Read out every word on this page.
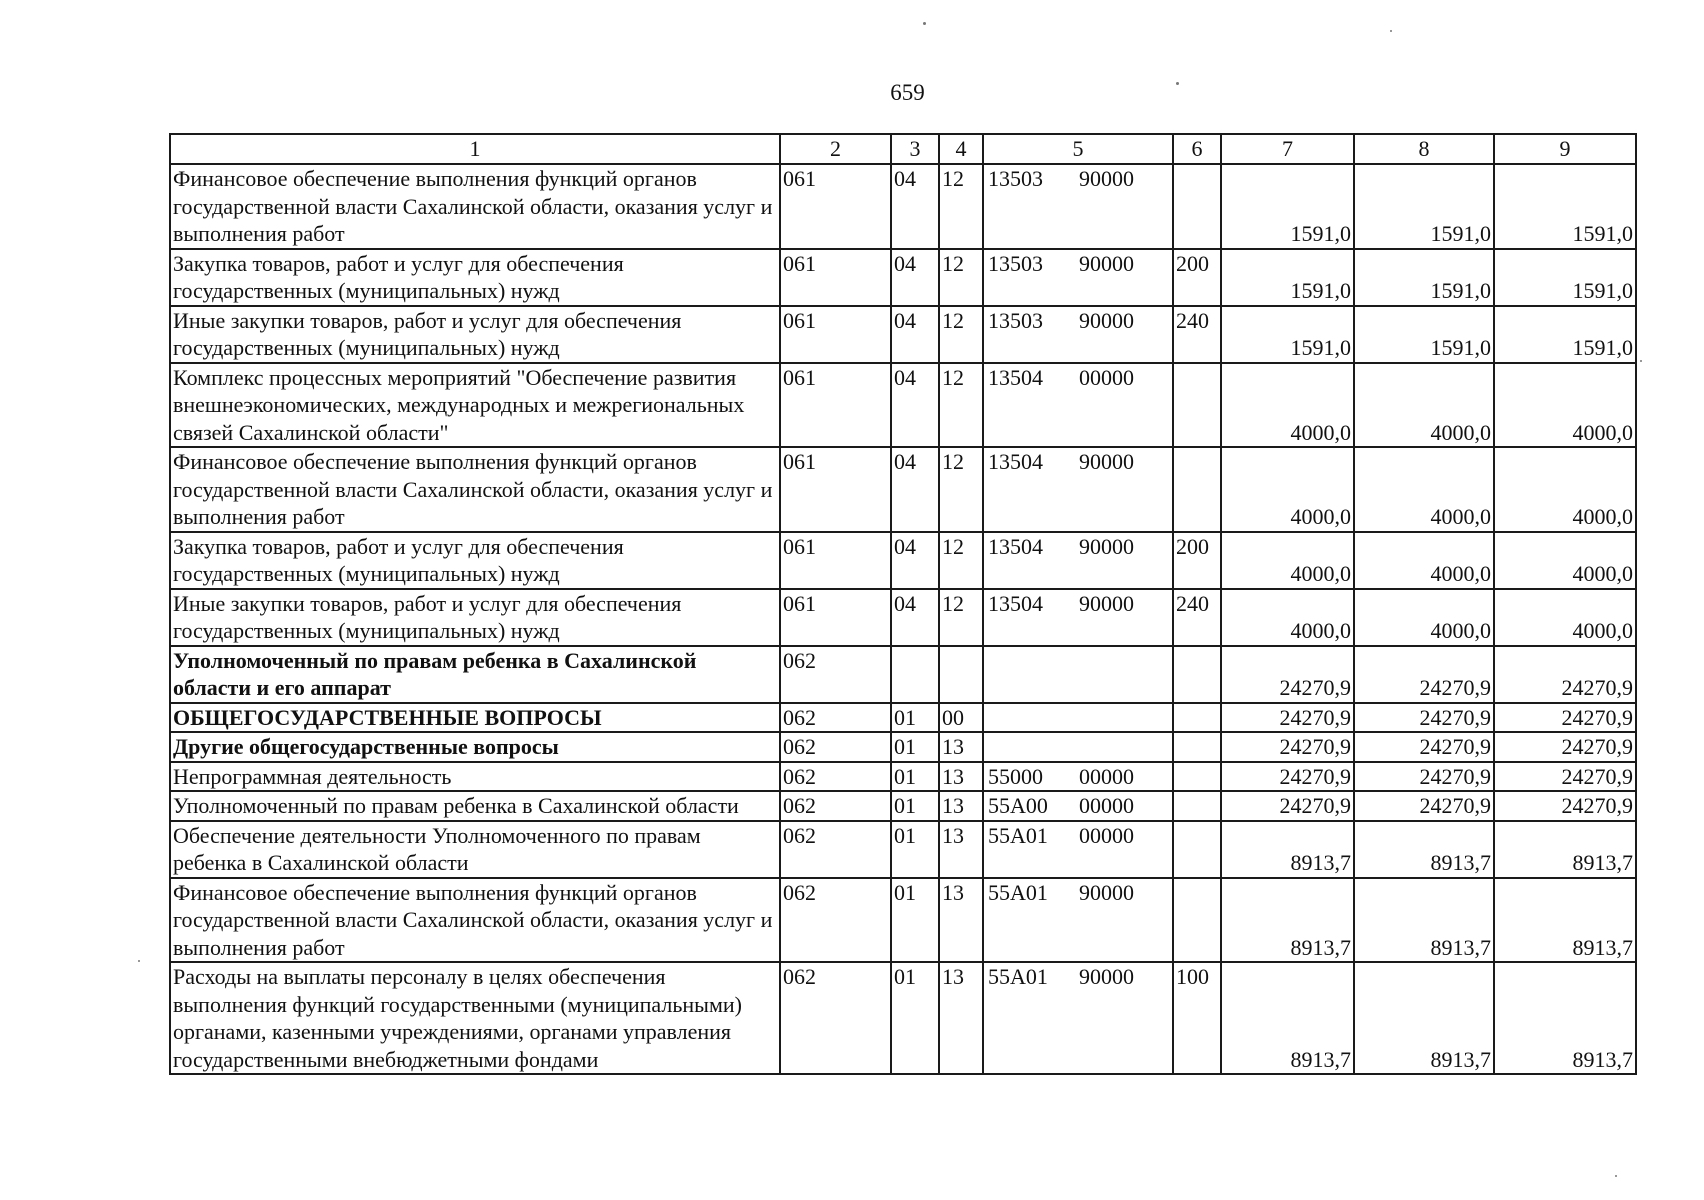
659
1	2	3	4	5	6	7	8	9
Финансовое обеспечение выполнения функций органов государственной власти Сахалинской области, оказания услуг и выполнения работ	061	04	12	13503 90000		1591,0	1591,0	1591,0
Закупка товаров, работ и услуг для обеспечения государственных (муниципальных) нужд	061	04	12	13503 90000	200	1591,0	1591,0	1591,0
Иные закупки товаров, работ и услуг для обеспечения государственных (муниципальных) нужд	061	04	12	13503 90000	240	1591,0	1591,0	1591,0
Комплекс процессных мероприятий "Обеспечение развития внешнеэкономических, международных и межрегиональных связей Сахалинской области"	061	04	12	13504 00000		4000,0	4000,0	4000,0
Финансовое обеспечение выполнения функций органов государственной власти Сахалинской области, оказания услуг и выполнения работ	061	04	12	13504 90000		4000,0	4000,0	4000,0
Закупка товаров, работ и услуг для обеспечения государственных (муниципальных) нужд	061	04	12	13504 90000	200	4000,0	4000,0	4000,0
Иные закупки товаров, работ и услуг для обеспечения государственных (муниципальных) нужд	061	04	12	13504 90000	240	4000,0	4000,0	4000,0
Уполномоченный по правам ребенка в Сахалинской области и его аппарат	062					24270,9	24270,9	24270,9
ОБЩЕГОСУДАРСТВЕННЫЕ ВОПРОСЫ	062	01	00			24270,9	24270,9	24270,9
Другие общегосударственные вопросы	062	01	13			24270,9	24270,9	24270,9
Непрограммная деятельность	062	01	13	55000 00000		24270,9	24270,9	24270,9
Уполномоченный по правам ребенка в Сахалинской области	062	01	13	55А00 00000		24270,9	24270,9	24270,9
Обеспечение деятельности Уполномоченного по правам ребенка в Сахалинской области	062	01	13	55А01 00000		8913,7	8913,7	8913,7
Финансовое обеспечение выполнения функций органов государственной власти Сахалинской области, оказания услуг и выполнения работ	062	01	13	55А01 90000		8913,7	8913,7	8913,7
Расходы на выплаты персоналу в целях обеспечения выполнения функций государственными (муниципальными) органами, казенными учреждениями, органами управления государственными внебюджетными фондами	062	01	13	55А01 90000	100	8913,7	8913,7	8913,7
